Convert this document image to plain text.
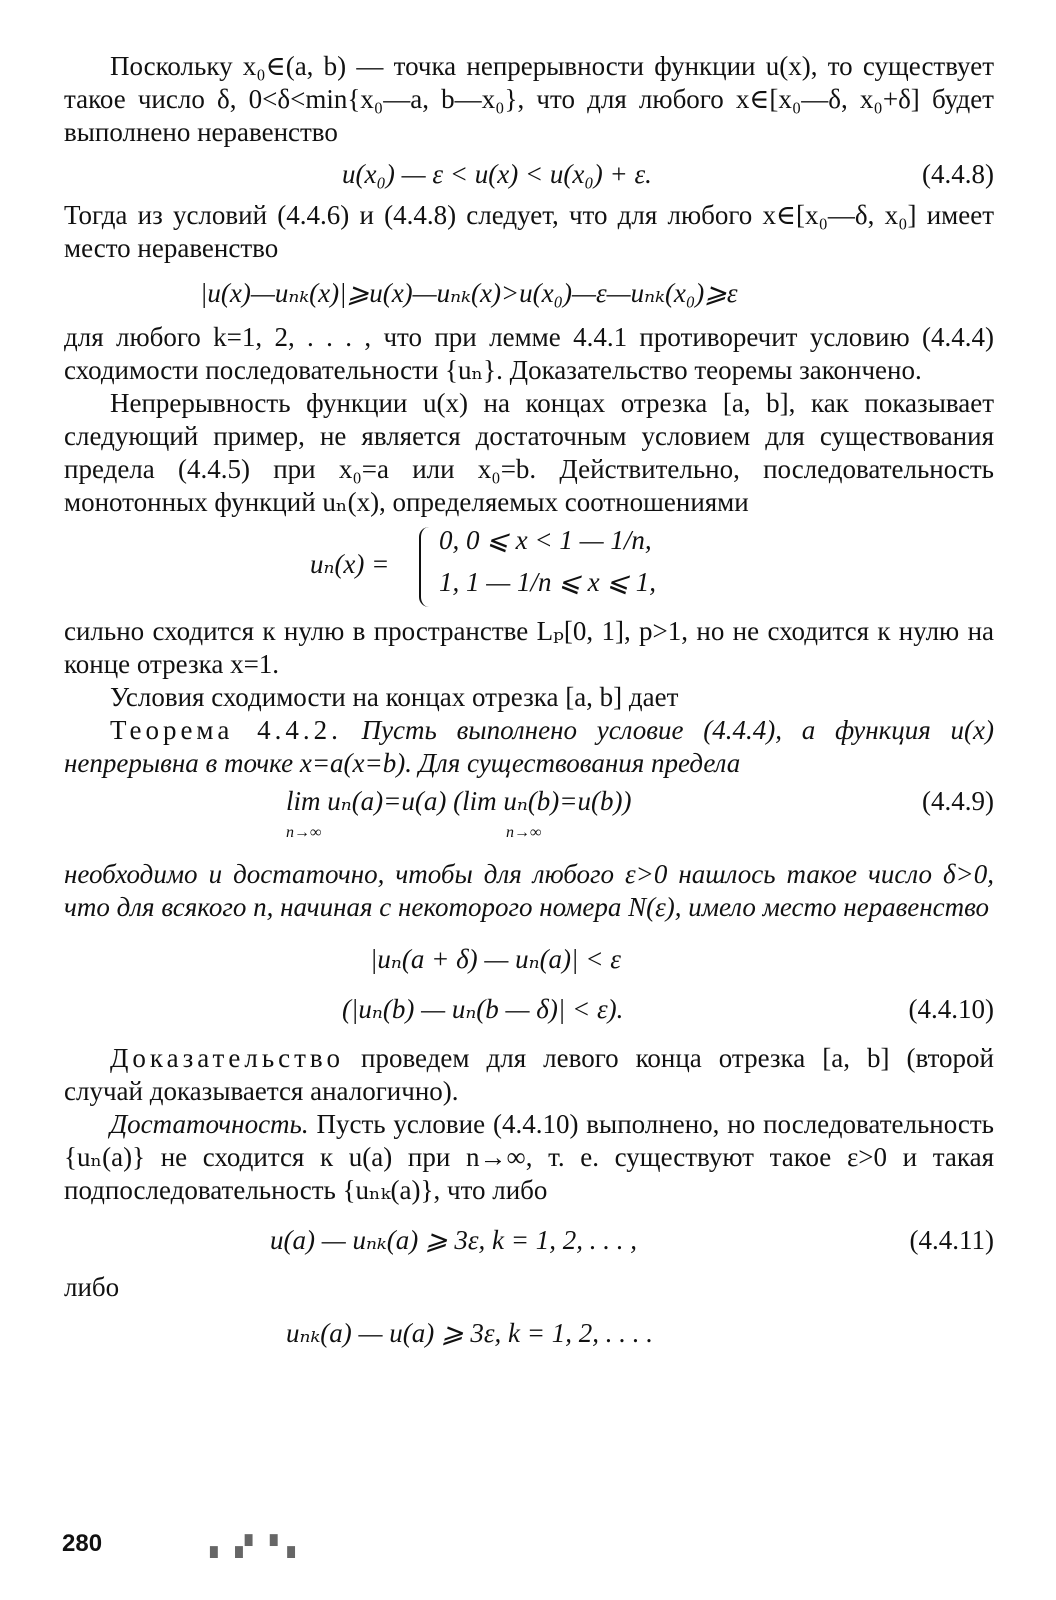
Поскольку x₀∈(a, b) — точка непрерывности функции u(x), то существует такое число δ, 0<δ<min{x₀—a, b—x₀}, что для любого x∈[x₀—δ, x₀+δ] будет выполнено неравенство

u(x₀) — ε < u(x) < u(x₀) + ε.	(4.4.8)

Тогда из условий (4.4.6) и (4.4.8) следует, что для любого x∈[x₀—δ, x₀] имеет место неравенство

|u(x)—uₙₖ(x)|⩾u(x)—uₙₖ(x)>u(x₀)—ε—uₙₖ(x₀)⩾ε

для любого k=1, 2, . . . , что при лемме 4.4.1 противоречит условию (4.4.4) сходимости последовательности {uₙ}. Доказательство теоремы закончено.

Непрерывность функции u(x) на концах отрезка [a, b], как показывает следующий пример, не является достаточным условием для существования предела (4.4.5) при x₀=a или x₀=b. Действительно, последовательность монотонных функций uₙ(x), определяемых соотношениями

uₙ(x) =
0, 0 ⩽ x < 1 — 1/n,
1, 1 — 1/n ⩽ x ⩽ 1,

сильно сходится к нулю в пространстве Lₚ[0, 1], p>1, но не сходится к нулю на конце отрезка x=1.

Условия сходимости на концах отрезка [a, b] дает

Теорема 4.4.2. Пусть выполнено условие (4.4.4), а функция u(x) непрерывна в точке x=a(x=b). Для существования предела

lim uₙ(a)=u(a) (lim uₙ(b)=u(b))
n→∞	n→∞
(4.4.9)

необходимо и достаточно, чтобы для любого ε>0 нашлось такое число δ>0, что для всякого n, начиная с некоторого номера N(ε), имело место неравенство

|uₙ(a + δ) — uₙ(a)| < ε
(|uₙ(b) — uₙ(b — δ)| < ε).	(4.4.10)

Доказательство проведем для левого конца отрезка [a, b] (второй случай доказывается аналогично).

Достаточность. Пусть условие (4.4.10) выполнено, но последовательность {uₙ(a)} не сходится к u(a) при n→∞, т. е. существуют такое ε>0 и такая подпоследовательность {uₙₖ(a)}, что либо

u(a) — uₙₖ(a) ⩾ 3ε, k = 1, 2, . . . ,	(4.4.11)

либо

uₙₖ(a) — u(a) ⩾ 3ε, k = 1, 2, . . . .
280	▖▗▘▝▗
